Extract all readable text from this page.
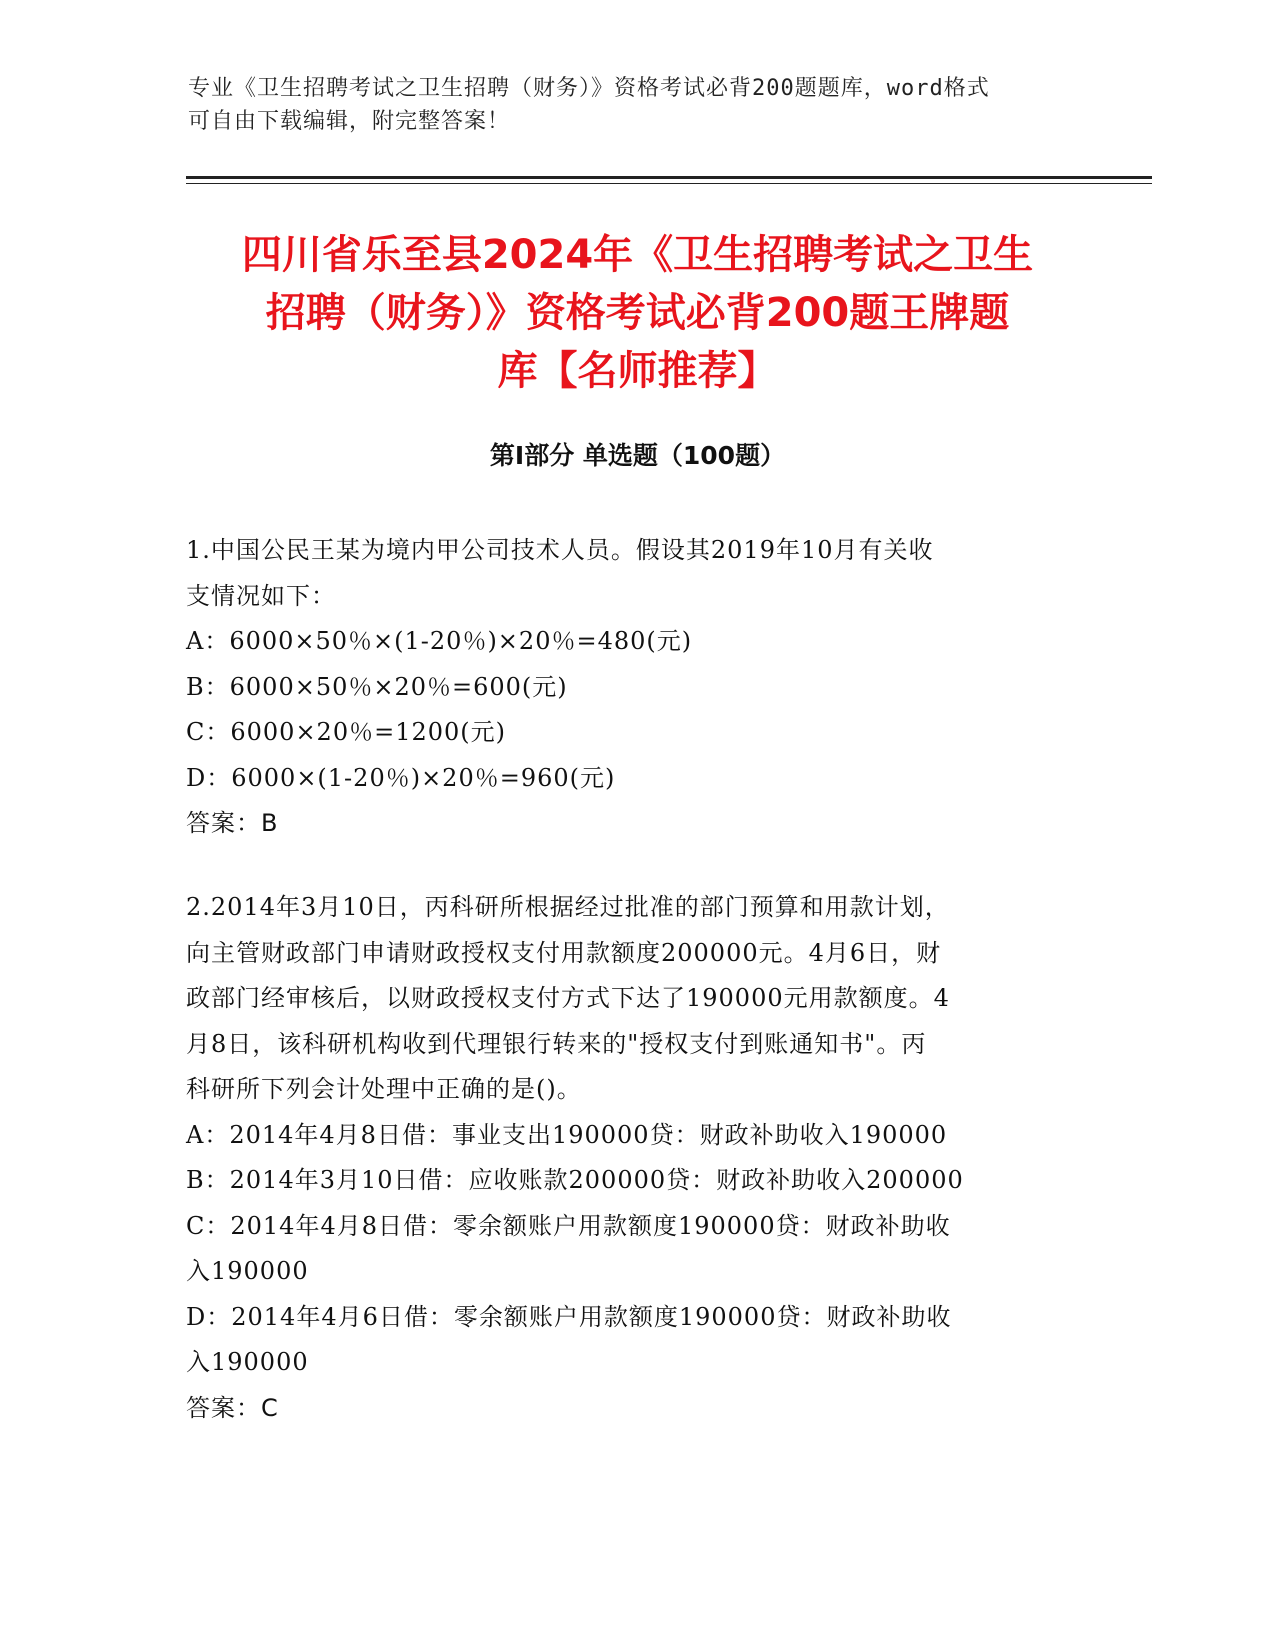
专业《卫生招聘考试之卫生招聘（财务）》资格考试必背200题题库，word格式
可自由下载编辑，附完整答案！
四川省乐至县2024年《卫生招聘考试之卫生
招聘（财务）》资格考试必背200题王牌题
库【名师推荐】
第Ⅰ部分 单选题（100题）
1.中国公民王某为境内甲公司技术人员。假设其2019年10月有关收
支情况如下：
A：6000×50％×(1-20％)×20％=480(元)
B：6000×50％×20％=600(元)
C：6000×20％=1200(元)
D：6000×(1-20％)×20％=960(元)
答案：B
2.2014年3月10日，丙科研所根据经过批准的部门预算和用款计划，
向主管财政部门申请财政授权支付用款额度200000元。4月6日，财
政部门经审核后，以财政授权支付方式下达了190000元用款额度。4
月8日，该科研机构收到代理银行转来的"授权支付到账通知书"。丙
科研所下列会计处理中正确的是()。
A：2014年4月8日借：事业支出190000贷：财政补助收入190000
B：2014年3月10日借：应收账款200000贷：财政补助收入200000
C：2014年4月8日借：零余额账户用款额度190000贷：财政补助收
入190000
D：2014年4月6日借：零余额账户用款额度190000贷：财政补助收
入190000
答案：C
